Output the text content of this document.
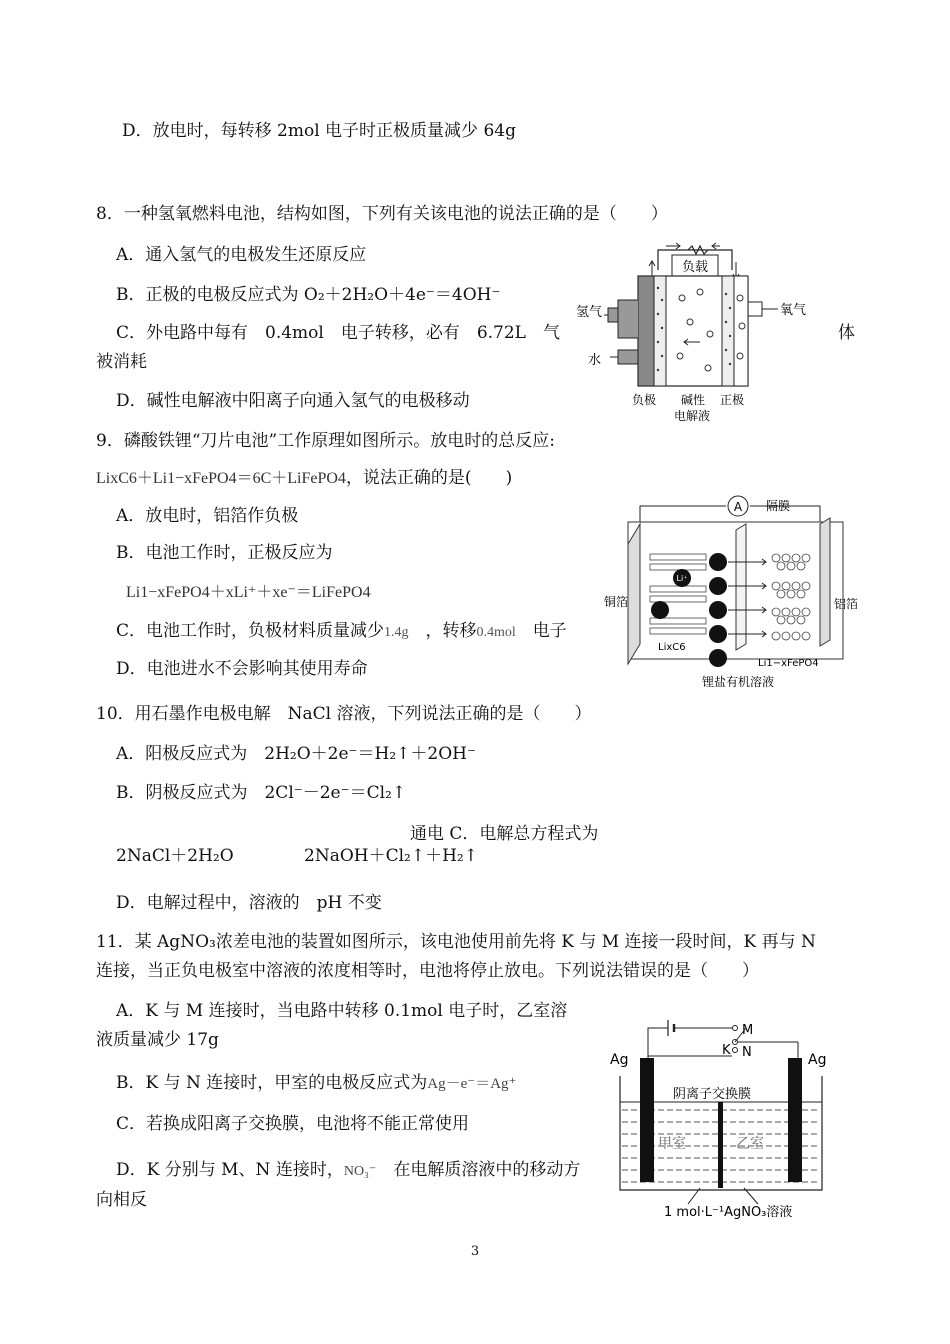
D．放电时，每转移 2mol 电子时正极质量减少 64g
8．一种氢氧燃料电池，结构如图，下列有关该电池的说法正确的是（　　）
A．通入氢气的电极发生还原反应
B．正极的电极反应式为 O₂＋2H₂O＋4e⁻＝4OH⁻
C．外电路中每有　0.4mol　电子转移，必有　6.72L　气	体
被消耗
D．碱性电解液中阳离子向通入氢气的电极移动
负载
氢气
水
氧气
负极 碱性
电解液
正极
9．磷酸铁锂“刀片电池”工作原理如图所示。放电时的总反应:
LixC6＋Li1−xFePO4＝6C＋LiFePO4，说法正确的是(　　)
A．放电时，铝箔作负极
B．电池工作时，正极反应为
Li1−xFePO4＋xLi⁺＋xe⁻＝LiFePO4
C．电池工作时，负极材料质量减少1.4g　 ，转移0.4mol　 电子
D．电池进水不会影响其使用寿命
A 隔膜
铜箔	铝箔
Li⁺
LixC6
Li1−xFePO4
锂盐有机溶液
10．用石墨作电极电解　NaCl 溶液，下列说法正确的是（　　）
A．阳极反应式为　2H₂O＋2e⁻＝H₂↑＋2OH⁻
B．阴极反应式为　2Cl⁻－2e⁻＝Cl₂↑
通电 C．电解总方程式为
2NaCl＋2H₂O	2NaOH＋Cl₂↑＋H₂↑
D．电解过程中，溶液的　pH 不变
11．某 AgNO₃浓差电池的装置如图所示，该电池使用前先将 K 与 M 连接一段时间，K 再与 N
连接，当正负电极室中溶液的浓度相等时，电池将停止放电。下列说法错误的是（　　）
A．K 与 M 连接时，当电路中转移 0.1mol 电子时，乙室溶
液质量减少 17g
B．K 与 N 连接时，甲室的电极反应式为Ag－e⁻＝Ag⁺
C．若换成阳离子交换膜，电池将不能正常使用
D．K 分别与 M、N 连接时，NO₃⁻　 在电解质溶液中的移动方
向相反
M
K N
Ag	Ag
阴离子交换膜
甲室	乙室
1 mol·L⁻¹AgNO₃溶液
3
